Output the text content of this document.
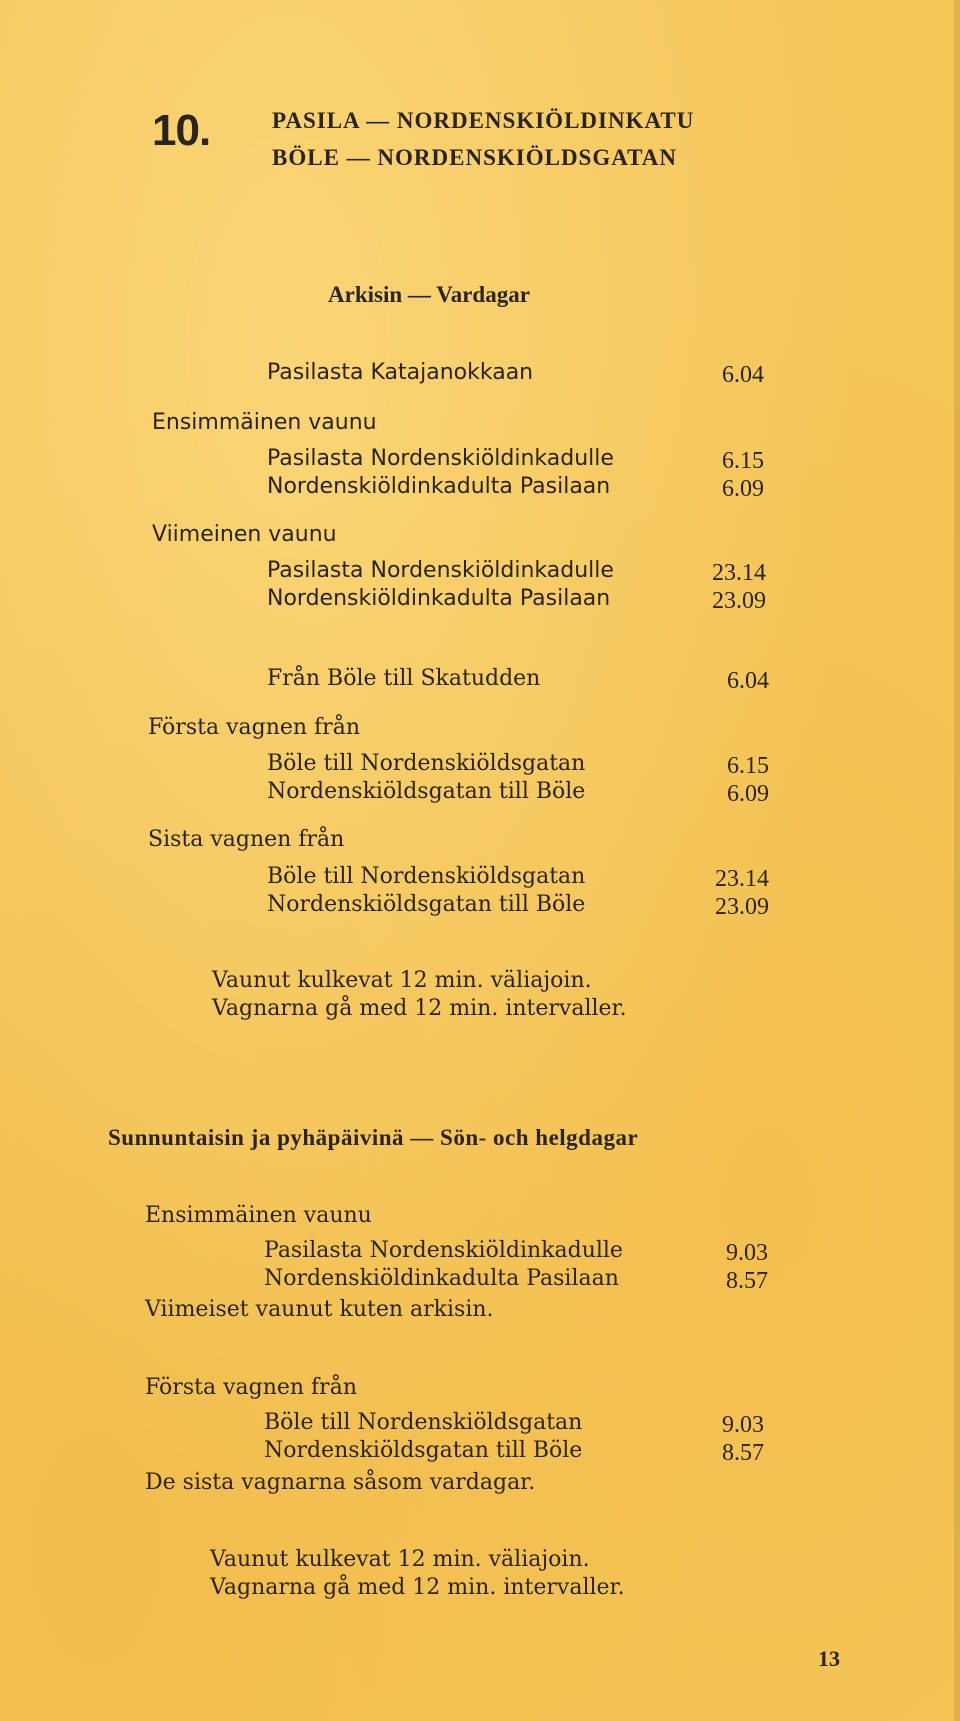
10.	PASILA — NORDENSKIÖLDINKATU
BÖLE — NORDENSKIÖLDSGATAN
Arkisin — Vardagar
Pasilasta Katajanokkaan	6.04
Ensimmäinen vaunu
Pasilasta Nordenskiöldinkadulle	6.15
Nordenskiöldinkadulta Pasilaan	6.09
Viimeinen vaunu
Pasilasta Nordenskiöldinkadulle	23.14
Nordenskiöldinkadulta Pasilaan	23.09
Från Böle till Skatudden	6.04
Första vagnen från
Böle till Nordenskiöldsgatan	6.15
Nordenskiöldsgatan till Böle	6.09
Sista vagnen från
Böle till Nordenskiöldsgatan	23.14
Nordenskiöldsgatan till Böle	23.09
Vaunut kulkevat 12 min. väliajoin.
Vagnarna gå med 12 min. intervaller.
Sunnuntaisin ja pyhäpäivinä — Sön- och helgdagar
Ensimmäinen vaunu
Pasilasta Nordenskiöldinkadulle	9.03
Nordenskiöldinkadulta Pasilaan	8.57
Viimeiset vaunut kuten arkisin.
Första vagnen från
Böle till Nordenskiöldsgatan	9.03
Nordenskiöldsgatan till Böle	8.57
De sista vagnarna såsom vardagar.
Vaunut kulkevat 12 min. väliajoin.
Vagnarna gå med 12 min. intervaller.
13
